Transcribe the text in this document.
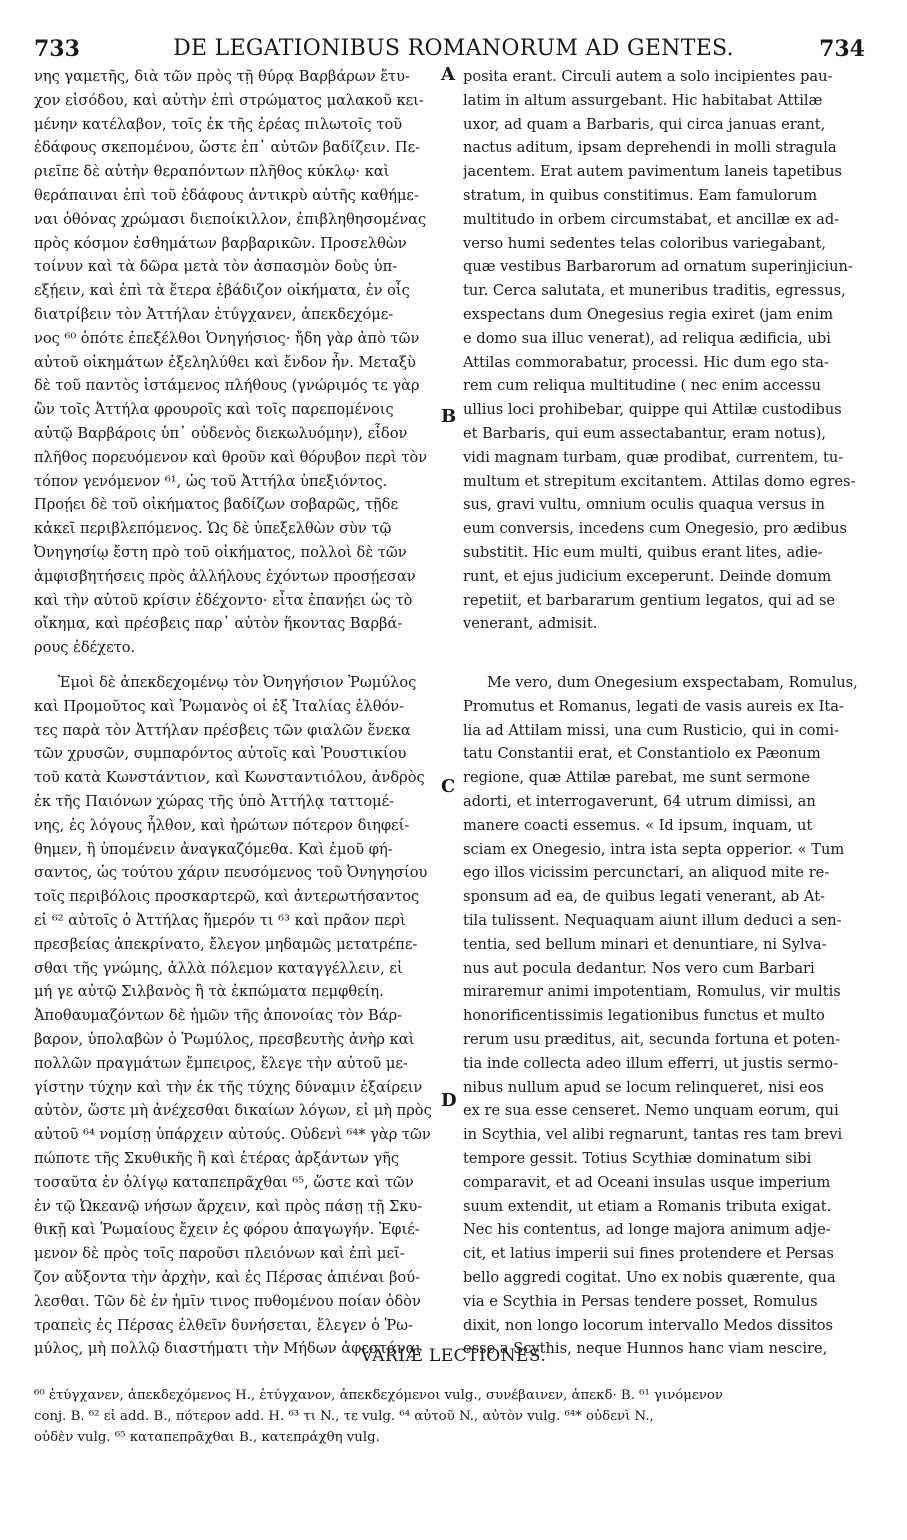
733	DE LEGATIONIBUS ROMANORUM AD GENTES.	734
νης γαμετῆς, διὰ τῶν πρὸς τῇ θύρᾳ Βαρβάρων ἔτυ-
χον εἰσόδου, καὶ αὐτὴν ἐπὶ στρώματος μαλακοῦ κει-
μένην κατέλαβον, τοῖς ἐκ τῆς ἐρέας πιλωτοῖς τοῦ
ἐδάφους σκεπομένου, ὥστε ἐπ᾽ αὐτῶν βαδίζειν. Πε-
ριεῖπε δὲ αὐτὴν θεραπόντων πλῆθος κύκλῳ· καὶ
θεράπαιναι ἐπὶ τοῦ ἐδάφους ἀντικρὺ αὐτῆς καθήμε-
ναι ὀθόνας χρώμασι διεποίκιλλον, ἐπιβληθησομένας
πρὸς κόσμον ἐσθημάτων βαρβαρικῶν. Προσελθὼν
τοίνυν καὶ τὰ δῶρα μετὰ τὸν ἀσπασμὸν δοὺς ὑπ-
εξῄειν, καὶ ἐπὶ τὰ ἕτερα ἐβάδιζον οἰκήματα, ἐν οἷς
διατρίβειν τὸν Ἀττήλαν ἐτύγχανεν, ἀπεκδεχόμε-
νος ⁶⁰ ὁπότε ἐπεξέλθοι Ὀνηγήσιος· ἤδη γὰρ ἀπὸ τῶν
αὐτοῦ οἰκημάτων ἐξεληλύθει καὶ ἔνδον ἦν. Μεταξὺ
δὲ τοῦ παντὸς ἱστάμενος πλήθους (γνώριμός τε γὰρ
ὢν τοῖς Ἀττήλα φρουροῖς καὶ τοῖς παρεπομένοις
αὐτῷ Βαρβάροις ὑπ᾽ οὐδενὸς διεκωλυόμην), εἶδον
πλῆθος πορευόμενον καὶ θροῦν καὶ θόρυβον περὶ τὸν
τόπον γενόμενον ⁶¹, ὡς τοῦ Ἀττήλα ὑπεξιόντος.
Προῄει δὲ τοῦ οἰκήματος βαδίζων σοβαρῶς, τῇδε
κἀκεῖ περιβλεπόμενος. Ὡς δὲ ὑπεξελθὼν σὺν τῷ
Ὀνηγησίῳ ἔστη πρὸ τοῦ οἰκήματος, πολλοὶ δὲ τῶν
ἀμφισβητήσεις πρὸς ἀλλήλους ἐχόντων προσῄεσαν
καὶ τὴν αὐτοῦ κρίσιν ἐδέχοντο· εἶτα ἐπανῄει ὡς τὸ
οἴκημα, καὶ πρέσβεις παρ᾽ αὐτὸν ἥκοντας Βαρβά-
ρους ἐδέχετο.
Ἐμοὶ δὲ ἀπεκδεχομένῳ τὸν Ὀνηγήσιον Ῥωμύλος
καὶ Προμοῦτος καὶ Ῥωμανὸς οἱ ἐξ Ἰταλίας ἐλθόν-
τες παρὰ τὸν Ἀττήλαν πρέσβεις τῶν φιαλῶν ἕνεκα
τῶν χρυσῶν, συμπαρόντος αὐτοῖς καὶ Ῥουστικίου
τοῦ κατὰ Κωνστάντιον, καὶ Κωνσταντιόλου, ἀνδρὸς
ἐκ τῆς Παιόνων χώρας τῆς ὑπὸ Ἀττήλᾳ ταττομέ-
νης, ἐς λόγους ἦλθον, καὶ ἠρώτων πότερον διηφεί-
θημεν, ἢ ὑπομένειν ἀναγκαζόμεθα. Καὶ ἐμοῦ φή-
σαντος, ὡς τούτου χάριν πευσόμενος τοῦ Ὀνηγησίου
τοῖς περιβόλοις προσκαρτερῶ, καὶ ἀντερωτήσαντος
εἰ ⁶² αὐτοῖς ὁ Ἀττήλας ἥμερόν τι ⁶³ καὶ πρᾶον περὶ
πρεσβείας ἀπεκρίνατο, ἔλεγον μηδαμῶς μετατρέπε-
σθαι τῆς γνώμης, ἀλλὰ πόλεμον καταγγέλλειν, εἰ
μή γε αὐτῷ Σιλβανὸς ἢ τὰ ἐκπώματα πεμφθείη.
Ἀποθαυμαζόντων δὲ ἡμῶν τῆς ἀπονοίας τὸν Βάρ-
βαρον, ὑπολαβὼν ὁ Ῥωμύλος, πρεσβευτὴς ἀνὴρ καὶ
πολλῶν πραγμάτων ἔμπειρος, ἔλεγε τὴν αὐτοῦ με-
γίστην τύχην καὶ τὴν ἐκ τῆς τύχης δύναμιν ἐξαίρειν
αὐτὸν, ὥστε μὴ ἀνέχεσθαι δικαίων λόγων, εἰ μὴ πρὸς
αὐτοῦ ⁶⁴ νομίσῃ ὑπάρχειν αὐτούς. Οὐδενὶ ⁶⁴* γὰρ τῶν
πώποτε τῆς Σκυθικῆς ἢ καὶ ἑτέρας ἀρξάντων γῆς
τοσαῦτα ἐν ὀλίγῳ καταπεπρᾶχθαι ⁶⁵, ὥστε καὶ τῶν
ἐν τῷ Ὠκεανῷ νήσων ἄρχειν, καὶ πρὸς πάσῃ τῇ Σκυ-
θικῇ καὶ Ῥωμαίους ἔχειν ἐς φόρου ἀπαγωγήν. Ἐφιέ-
μενον δὲ πρὸς τοῖς παροῦσι πλειόνων καὶ ἐπὶ μεῖ-
ζον αὔξοντα τὴν ἀρχὴν, καὶ ἐς Πέρσας ἀπιέναι βού-
λεσθαι. Τῶν δὲ ἐν ἡμῖν τινος πυθομένου ποίαν ὁδὸν
τραπεὶς ἐς Πέρσας ἐλθεῖν δυνήσεται, ἔλεγεν ὁ Ῥω-
μύλος, μὴ πολλῷ διαστήματι τὴν Μήδων ἀφεστάναι
posita erant. Circuli autem a solo incipientes pau-
latim in altum assurgebant. Hic habitabat Attilæ
uxor, ad quam a Barbaris, qui circa januas erant,
nactus aditum, ipsam deprehendi in molli stragula
jacentem. Erat autem pavimentum laneis tapetibus
stratum, in quibus constitimus. Eam famulorum
multitudo in orbem circumstabat, et ancillæ ex ad-
verso humi sedentes telas coloribus variegabant,
quæ vestibus Barbarorum ad ornatum superinjiciun-
tur. Cerca salutata, et muneribus traditis, egressus,
exspectans dum Onegesius regia exiret (jam enim
e domo sua illuc venerat), ad reliqua ædificia, ubi
Attilas commorabatur, processi. Hic dum ego sta-
rem cum reliqua multitudine ( nec enim accessu
ullius loci prohibebar, quippe qui Attilæ custodibus
et Barbaris, qui eum assectabantur, eram notus),
vidi magnam turbam, quæ prodibat, currentem, tu-
multum et strepitum excitantem. Attilas domo egres-
sus, gravi vultu, omnium oculis quaqua versus in
eum conversis, incedens cum Onegesio, pro ædibus
substitit. Hic eum multi, quibus erant lites, adie-
runt, et ejus judicium exceperunt. Deinde domum
repetiit, et barbararum gentium legatos, qui ad se
venerant, admisit.
Me vero, dum Onegesium exspectabam, Romulus,
Promutus et Romanus, legati de vasis aureis ex Ita-
lia ad Attilam missi, una cum Rusticio, qui in comi-
tatu Constantii erat, et Constantiolo ex Pæonum
regione, quæ Attilæ parebat, me sunt sermone
adorti, et interrogaverunt, 64 utrum dimissi, an
manere coacti essemus. « Id ipsum, inquam, ut
sciam ex Onegesio, intra ista septa opperior. « Tum
ego illos vicissim percunctari, an aliquod mite re-
sponsum ad ea, de quibus legati venerant, ab At-
tila tulissent. Nequaquam aiunt illum deduci a sen-
tentia, sed bellum minari et denuntiare, ni Sylva-
nus aut pocula dedantur. Nos vero cum Barbari
miraremur animi impotentiam, Romulus, vir multis
honorificentissimis legationibus functus et multo
rerum usu præditus, ait, secunda fortuna et poten-
tia inde collecta adeo illum efferri, ut justis sermo-
nibus nullum apud se locum relinqueret, nisi eos
ex re sua esse censeret. Nemo unquam eorum, qui
in Scythia, vel alibi regnarunt, tantas res tam brevi
tempore gessit. Totius Scythiæ dominatum sibi
comparavit, et ad Oceani insulas usque imperium
suum extendit, ut etiam a Romanis tributa exigat.
Nec his contentus, ad longe majora animum adje-
cit, et latius imperii sui fines protendere et Persas
bello aggredi cogitat. Uno ex nobis quærente, qua
via e Scythia in Persas tendere posset, Romulus
dixit, non longo locorum intervallo Medos dissitos
esse a Scythis, neque Hunnos hanc viam nescire,
A
B
C
D
VARIÆ LECTIONES.
⁶⁰ ἐτύγχανεν, ἀπεκδεχόμενος H., ἐτύγχανον, ἀπεκδεχόμενοι vulg., συνέβαινεν, ἀπεκδ· B. ⁶¹ γινόμενον
conj. B. ⁶² εἰ add. B., πότερον add. H. ⁶³ τι N., τε vulg. ⁶⁴ αὐτοῦ N., αὐτὸν vulg. ⁶⁴* οὐδενὶ N.,
οὐδὲν vulg. ⁶⁵ καταπεπρᾶχθαι B., κατεπράχθη vulg.
